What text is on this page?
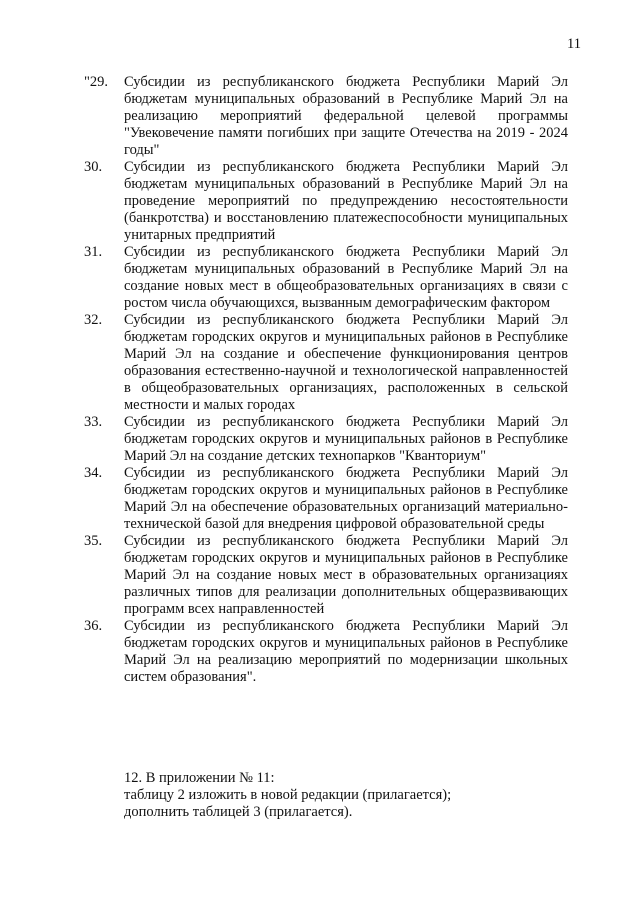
11
"29.	Субсидии из республиканского бюджета Республики Марий Эл бюджетам муниципальных образований в Республике Марий Эл на реализацию мероприятий федеральной целевой программы "Увековечение памяти погибших при защите Отечества на 2019 - 2024 годы"
30.	Субсидии из республиканского бюджета Республики Марий Эл бюджетам муниципальных образований в Республике Марий Эл на проведение мероприятий по предупреждению несостоятельности (банкротства) и восстановлению платежеспособности муниципальных унитарных предприятий
31.	Субсидии из республиканского бюджета Республики Марий Эл бюджетам муниципальных образований в Республике Марий Эл на создание новых мест в общеобразовательных организациях в связи с ростом числа обучающихся, вызванным демографическим фактором
32.	Субсидии из республиканского бюджета Республики Марий Эл бюджетам городских округов и муниципальных районов в Республике Марий Эл на создание и обеспечение функционирования центров образования естественно-научной и технологической направленностей в общеобразовательных организациях, расположенных в сельской местности и малых городах
33.	Субсидии из республиканского бюджета Республики Марий Эл бюджетам городских округов и муниципальных районов в Республике Марий Эл на создание детских технопарков "Кванториум"
34.	Субсидии из республиканского бюджета Республики Марий Эл бюджетам городских округов и муниципальных районов в Республике Марий Эл на обеспечение образовательных организаций материально-технической базой для внедрения цифровой образовательной среды
35.	Субсидии из республиканского бюджета Республики Марий Эл бюджетам городских округов и муниципальных районов в Республике Марий Эл на создание новых мест в образовательных организациях различных типов для реализации дополнительных общеразвивающих программ всех направленностей
36.	Субсидии из республиканского бюджета Республики Марий Эл бюджетам городских округов и муниципальных районов в Республике Марий Эл на реализацию мероприятий по модернизации школьных систем образования".
12. В приложении № 11:
таблицу 2 изложить в новой редакции (прилагается);
дополнить таблицей 3 (прилагается).
